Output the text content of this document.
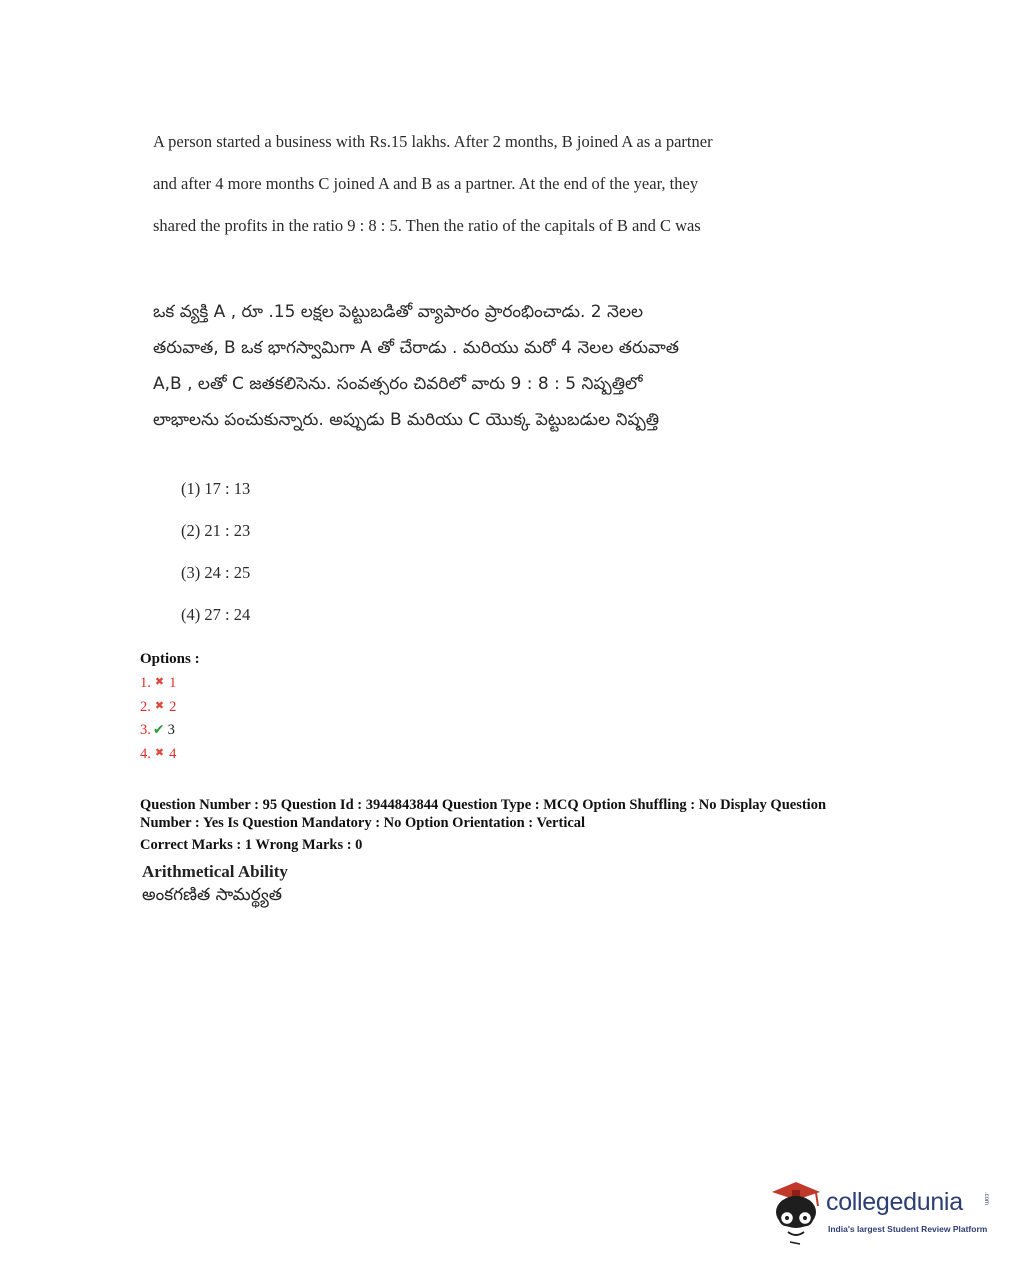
A person started a business with Rs.15 lakhs. After 2 months, B joined A as a partner
and after 4 more months C joined A and B as a partner. At the end of the year, they
shared the profits in the ratio 9 : 8 : 5. Then the ratio of the capitals of B and C was
ఒక వ్యక్తి A , రూ .15 లక్షల పెట్టుబడితో వ్యాపారం ప్రారంభించాడు. 2 నెలల
తరువాత, B ఒక భాగస్వామిగా A తో చేరాడు . మరియు మరో 4 నెలల తరువాత
A,B , లతో C జతకలిసెను. సంవత్సరం చివరిలో వారు 9 : 8 : 5 నిష్పత్తిలో
లాభాలను పంచుకున్నారు. అప్పుడు B మరియు C యొక్క పెట్టుబడుల నిష్పత్తి
(1) 17 : 13
(2) 21 : 23
(3) 24 : 25
(4) 27 : 24
Options :
1. ✖ 1
2. ✖ 2
3. ✔ 3
4. ✖ 4
Question Number : 95 Question Id : 3944843844 Question Type : MCQ Option Shuffling : No Display Question
Number : Yes Is Question Mandatory : No Option Orientation : Vertical
Correct Marks : 1 Wrong Marks : 0
Arithmetical Ability
అంకగణిత సామర్థ్యత
collegedunia	.com
India's largest Student Review Platform
